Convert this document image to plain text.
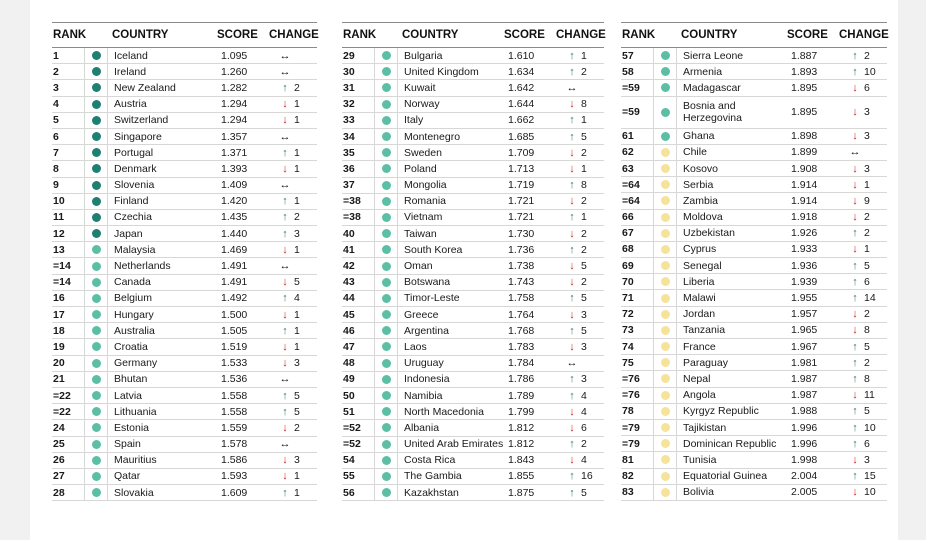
RANK	COUNTRY	SCORE CHANGE
1	Iceland	1.095	↔
2	Ireland	1.260	↔
3	New Zealand	1.282	↑ 2
4	Austria	1.294	↓ 1
5	Switzerland	1.294	↓ 1
6	Singapore	1.357	↔
7	Portugal	1.371	↑ 1
8	Denmark	1.393	↓ 1
9	Slovenia	1.409	↔
10	Finland	1.420	↑ 1
11	Czechia	1.435	↑ 2
12	Japan	1.440	↑ 3
13	Malaysia	1.469	↓ 1
=14	Netherlands	1.491	↔
=14	Canada	1.491	↓ 5
16	Belgium	1.492	↑ 4
17	Hungary	1.500	↓ 1
18	Australia	1.505	↑ 1
19	Croatia	1.519	↓ 1
20	Germany	1.533	↓ 3
21	Bhutan	1.536	↔
=22	Latvia	1.558	↑ 5
=22	Lithuania	1.558	↑ 5
24	Estonia	1.559	↓ 2
25	Spain	1.578	↔
26	Mauritius	1.586	↓ 3
27	Qatar	1.593	↓ 1
28	Slovakia	1.609	↑ 1
RANK	COUNTRY	SCORE CHANGE
29	Bulgaria	1.610	↑ 1
30	United Kingdom	1.634	↑ 2
31	Kuwait	1.642	↔
32	Norway	1.644	↓ 8
33	Italy	1.662	↑ 1
34	Montenegro	1.685	↑ 5
35	Sweden	1.709	↓ 2
36	Poland	1.713	↓ 1
37	Mongolia	1.719	↑ 8
=38	Romania	1.721	↓ 2
=38	Vietnam	1.721	↑ 1
40	Taiwan	1.730	↓ 2
41	South Korea	1.736	↑ 2
42	Oman	1.738	↓ 5
43	Botswana	1.743	↓ 2
44	Timor-Leste	1.758	↑ 5
45	Greece	1.764	↓ 3
46	Argentina	1.768	↑ 5
47	Laos	1.783	↓ 3
48	Uruguay	1.784	↔
49	Indonesia	1.786	↑ 3
50	Namibia	1.789	↑ 4
51	North Macedonia	1.799	↓ 4
=52	Albania	1.812	↓ 6
=52	United Arab Emirates 1.812	↑ 2
54	Costa Rica	1.843	↓ 4
55	The Gambia	1.855	↑ 16
56	Kazakhstan	1.875	↑ 5
RANK	COUNTRY	SCORE CHANGE
57	Sierra Leone	1.887	↑ 2
58	Armenia	1.893	↑ 10
=59	Madagascar	1.895	↓ 6
=59	Bosnia and Herzegovina	1.895	↓ 3
61	Ghana	1.898	↓ 3
62	Chile	1.899	↔
63	Kosovo	1.908	↓ 3
=64	Serbia	1.914	↓ 1
=64	Zambia	1.914	↓ 9
66	Moldova	1.918	↓ 2
67	Uzbekistan	1.926	↑ 2
68	Cyprus	1.933	↓ 1
69	Senegal	1.936	↑ 5
70	Liberia	1.939	↑ 6
71	Malawi	1.955	↑ 14
72	Jordan	1.957	↓ 2
73	Tanzania	1.965	↓ 8
74	France	1.967	↑ 5
75	Paraguay	1.981	↑ 2
=76	Nepal	1.987	↑ 8
=76	Angola	1.987	↓ 11
78	Kyrgyz Republic	1.988	↑ 5
=79	Tajikistan	1.996	↑ 10
=79	Dominican Republic	1.996	↑ 6
81	Tunisia	1.998	↓ 3
82	Equatorial Guinea	2.004	↑ 15
83	Bolivia	2.005	↓ 10
